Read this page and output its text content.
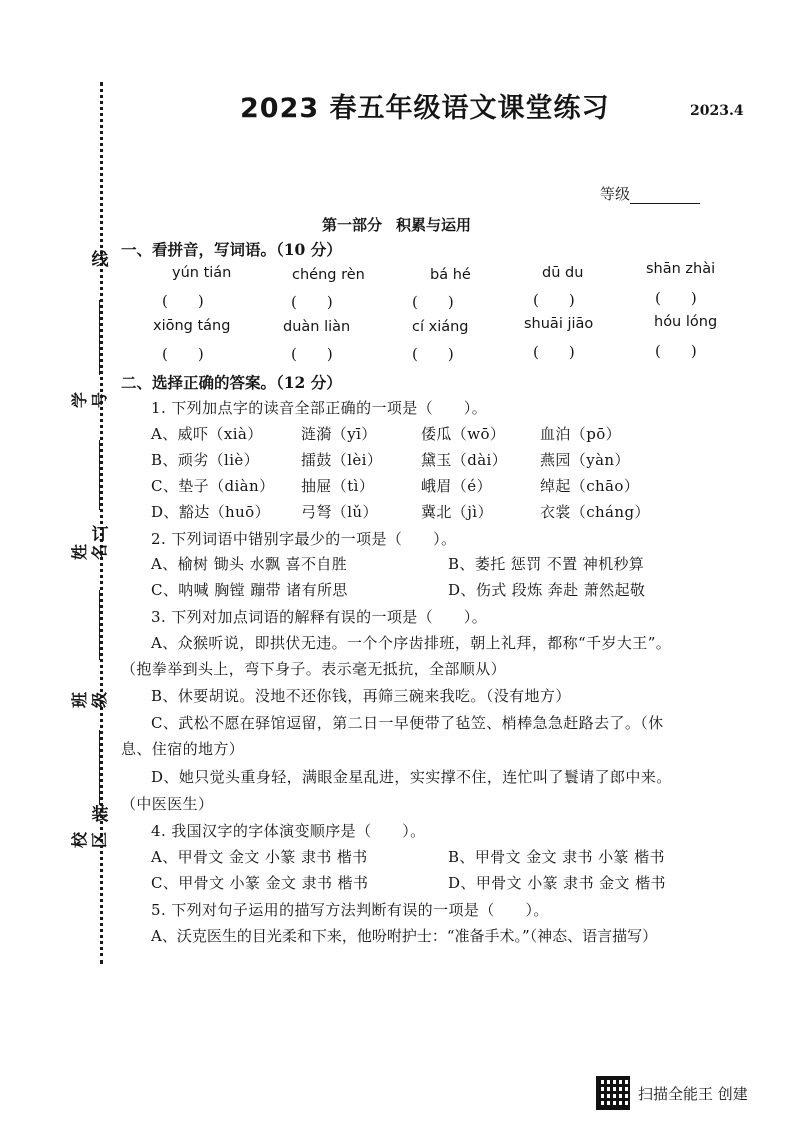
线
订
装
学号
姓名
班级
校区
2023 春五年级语文课堂练习	2023.4
等级
第一部分 积累与运用
一、看拼音，写词语。（10 分）
yún tián	chéng rèn	bá hé	dū du	shān zhài
(　　)	(　　)	(　　)	(　　)	(　　)
xiōng táng	duàn liàn	cí xiáng	shuāi jiāo	hóu lóng
(　　)	(　　)	(　　)	(　　)	(　　)
二、选择正确的答案。（12 分）
1. 下列加点字的读音全部正确的一项是（　　）。
A、威吓（xià）	涟漪（yī）	倭瓜（wō） 血泊（pō）
B、顽劣（liè）	擂鼓（lèi）	黛玉（dài） 燕园（yàn）
C、垫子（diàn） 抽屉（tì）	峨眉（é）	绰起（chāo）
D、豁达（huō） 弓弩（lǔ）	冀北（jì）	衣裳（cháng）
2. 下列词语中错别字最少的一项是（　　）。
A、榆树 锄头 水飘 喜不自胜	B、萎托 惩罚 不置 神机秒算
C、呐喊 胸镗 蹦带 诸有所思	D、伤式 段炼 奔赴 萧然起敬
3. 下列对加点词语的解释有误的一项是（　　）。
A、众猴听说，即拱伏无违。一个个序齿排班，朝上礼拜，都称“千岁大王”。
（抱拳举到头上，弯下身子。表示毫无抵抗，全部顺从）
B、休要胡说。没地不还你钱，再筛三碗来我吃。（没有地方）
C、武松不愿在驿馆逗留，第二日一早便带了毡笠、梢棒急急赶路去了。（休
息、住宿的地方）
D、她只觉头重身轻，满眼金星乱进，实实撑不住，连忙叫了鬟请了郎中来。
（中医医生）
4. 我国汉字的字体演变顺序是（　　）。
A、甲骨文 金文 小篆 隶书 楷书	B、甲骨文 金文 隶书 小篆 楷书
C、甲骨文 小篆 金文 隶书 楷书	D、甲骨文 小篆 隶书 金文 楷书
5. 下列对句子运用的描写方法判断有误的一项是（　　）。
A、沃克医生的目光柔和下来，他吩咐护士：“准备手术。”（神态、语言描写）
扫描全能王 创建
